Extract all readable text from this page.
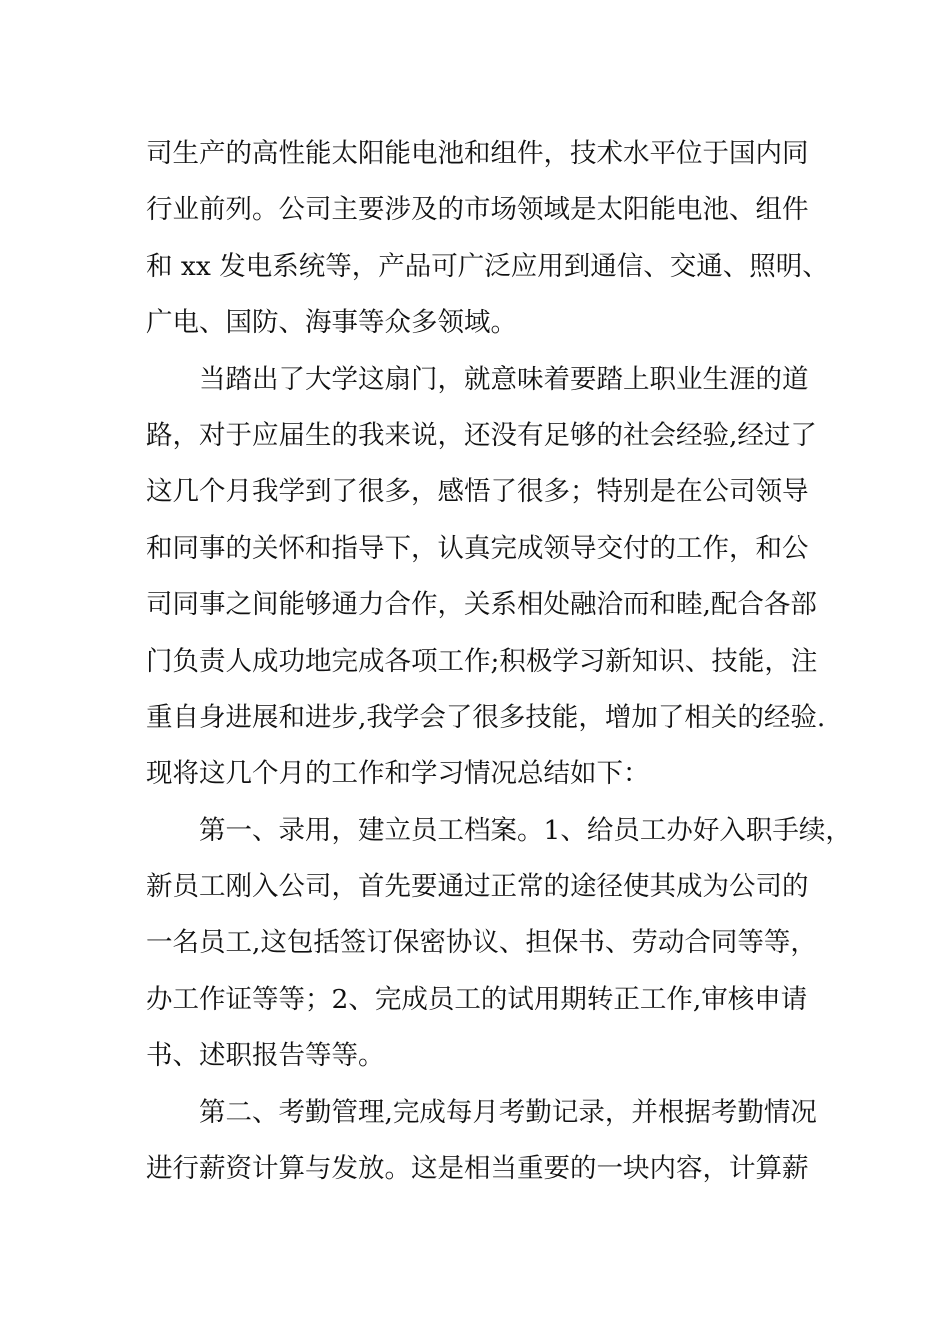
司生产的高性能太阳能电池和组件，技术水平位于国内同
行业前列。公司主要涉及的市场领域是太阳能电池、组件
和 xx 发电系统等，产品可广泛应用到通信、交通、照明、
广电、国防、海事等众多领域。
当踏出了大学这扇门，就意味着要踏上职业生涯的道
路，对于应届生的我来说，还没有足够的社会经验,经过了
这几个月我学到了很多，感悟了很多；特别是在公司领导
和同事的关怀和指导下，认真完成领导交付的工作，和公
司同事之间能够通力合作，关系相处融洽而和睦,配合各部
门负责人成功地完成各项工作;积极学习新知识、技能，注
重自身进展和进步,我学会了很多技能，增加了相关的经验.
现将这几个月的工作和学习情况总结如下：
第一、录用，建立员工档案。1、给员工办好入职手续，
新员工刚入公司，首先要通过正常的途径使其成为公司的
一名员工,这包括签订保密协议、担保书、劳动合同等等，
办工作证等等；2、完成员工的试用期转正工作,审核申请
书、述职报告等等。
第二、考勤管理,完成每月考勤记录，并根据考勤情况
进行薪资计算与发放。这是相当重要的一块内容，计算薪
